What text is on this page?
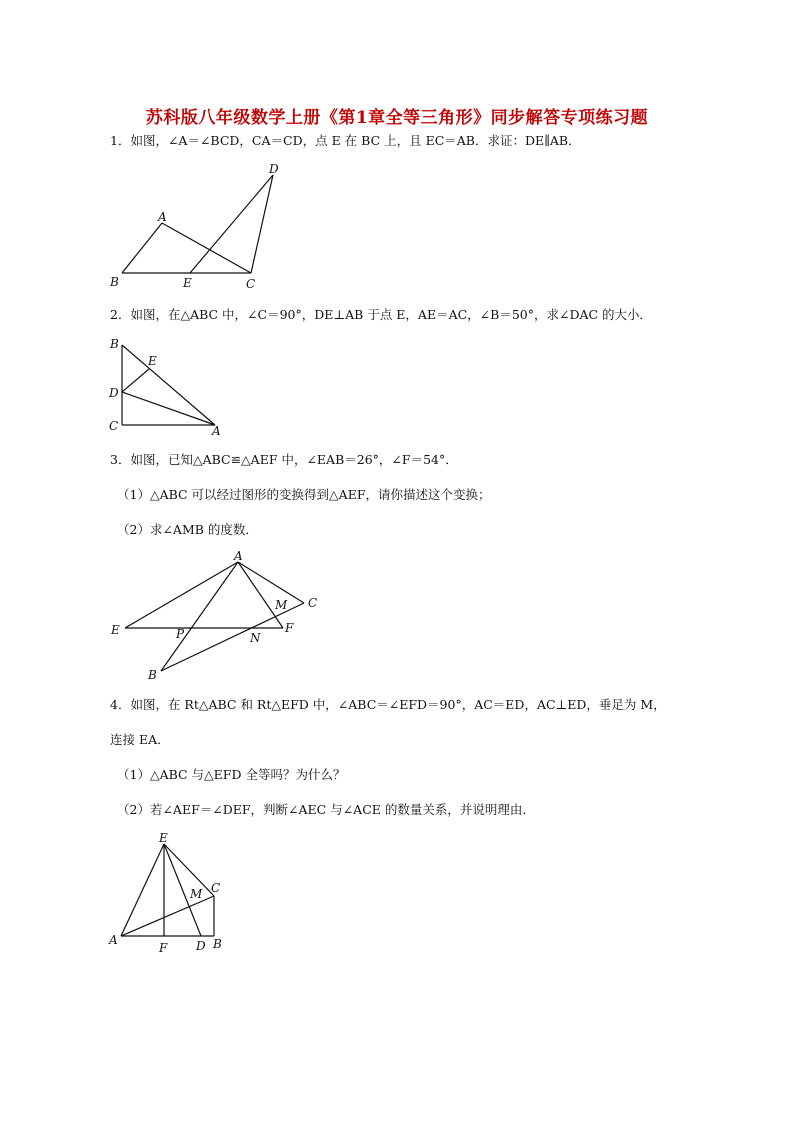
苏科版八年级数学上册《第1章全等三角形》同步解答专项练习题
1．如图，∠A＝∠BCD，CA＝CD，点 E 在 BC 上，且 EC＝AB．求证：DE∥AB．
A
B	E	C
D
2．如图，在△ABC 中，∠C＝90°，DE⊥AB 于点 E，AE＝AC，∠B＝50°，求∠DAC 的大小．
B
E
D
C	A
3．如图，已知△ABC≌△AEF 中，∠EAB＝26°，∠F＝54°．
（1）△ABC 可以经过图形的变换得到△AEF，请你描述这个变换；
（2）求∠AMB 的度数．
A
M C
E	P	N
F
B
4．如图，在 Rt△ABC 和 Rt△EFD 中，∠ABC＝∠EFD＝90°，AC＝ED，AC⊥ED，垂足为 M，
连接 EA．
（1）△ABC 与△EFD 全等吗？为什么？
（2）若∠AEF＝∠DEF，判断∠AEC 与∠ACE 的数量关系，并说明理由．
E
M C
A
F D B
